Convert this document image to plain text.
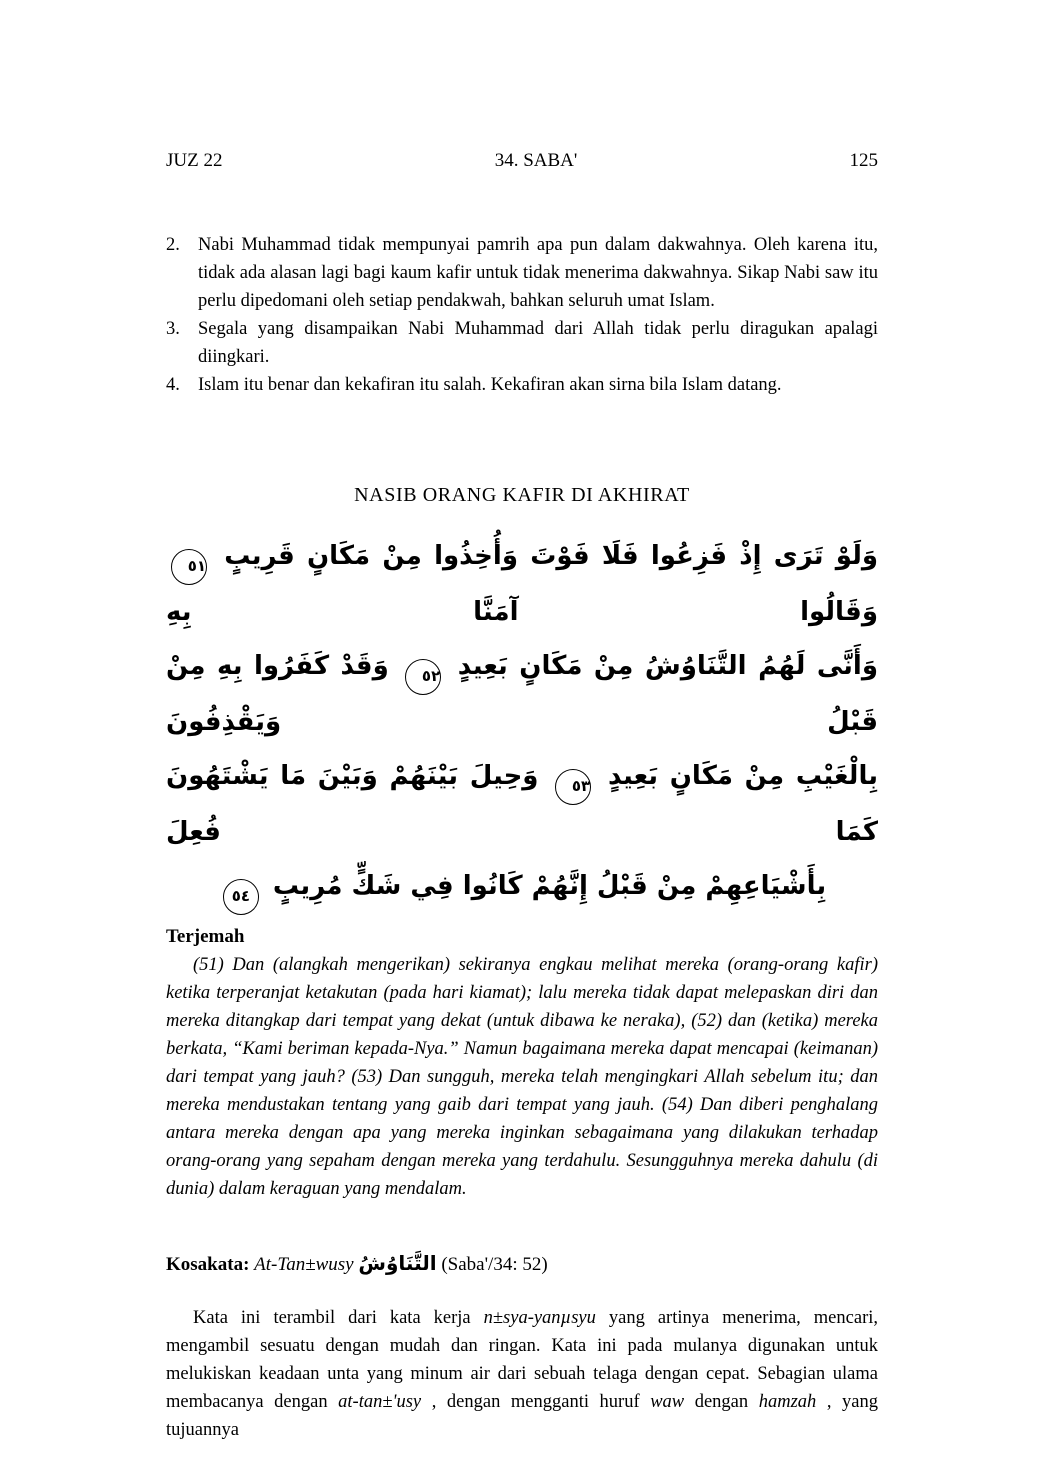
JUZ 22	34. SABA'	125
2. Nabi Muhammad tidak mempunyai pamrih apa pun dalam dakwahnya. Oleh karena itu, tidak ada alasan lagi bagi kaum kafir untuk tidak menerima dakwahnya. Sikap Nabi saw itu perlu dipedomani oleh setiap pendakwah, bahkan seluruh umat Islam.
3. Segala yang disampaikan Nabi Muhammad dari Allah tidak perlu diragukan apalagi diingkari.
4. Islam itu benar dan kekafiran itu salah. Kekafiran akan sirna bila Islam datang.
NASIB ORANG KAFIR DI AKHIRAT
وَلَوْ تَرَى إِذْ فَزِعُوا فَلَا فَوْتَ وَأُخِذُوا مِنْ مَكَانٍ قَرِيبٍ ٥١ وَقَالُوا آمَنَّا بِهِ
وَأَنَّى لَهُمُ التَّنَاوُشُ مِنْ مَكَانٍ بَعِيدٍ ٥٢ وَقَدْ كَفَرُوا بِهِ مِنْ قَبْلُ وَيَقْذِفُونَ
بِالْغَيْبِ مِنْ مَكَانٍ بَعِيدٍ ٥٣ وَحِيلَ بَيْنَهُمْ وَبَيْنَ مَا يَشْتَهُونَ كَمَا فُعِلَ
بِأَشْيَاعِهِمْ مِنْ قَبْلُ إِنَّهُمْ كَانُوا فِي شَكٍّ مُرِيبٍ ٥٤
Terjemah

(51) Dan (alangkah mengerikan) sekiranya engkau melihat mereka (orang-orang kafir) ketika terperanjat ketakutan (pada hari kiamat); lalu mereka tidak dapat melepaskan diri dan mereka ditangkap dari tempat yang dekat (untuk dibawa ke neraka), (52) dan (ketika) mereka berkata, “Kami beriman kepada-Nya.” Namun bagaimana mereka dapat mencapai (keimanan) dari tempat yang jauh? (53) Dan sungguh, mereka telah mengingkari Allah sebelum itu; dan mereka mendustakan tentang yang gaib dari tempat yang jauh. (54) Dan diberi penghalang antara mereka dengan apa yang mereka inginkan sebagaimana yang dilakukan terhadap orang-orang yang sepaham dengan mereka yang terdahulu. Sesungguhnya mereka dahulu (di dunia) dalam keraguan yang mendalam.

Kosakata: At-Tan±wusy التَّنَاوُشُ (Saba'/34: 52)

Kata ini terambil dari kata kerja n±sya-yanµsyu yang artinya menerima, mencari, mengambil sesuatu dengan mudah dan ringan. Kata ini pada mulanya digunakan untuk melukiskan keadaan unta yang minum air dari sebuah telaga dengan cepat. Sebagian ulama membacanya dengan at-tan±'usy , dengan mengganti huruf waw dengan hamzah , yang tujuannya
